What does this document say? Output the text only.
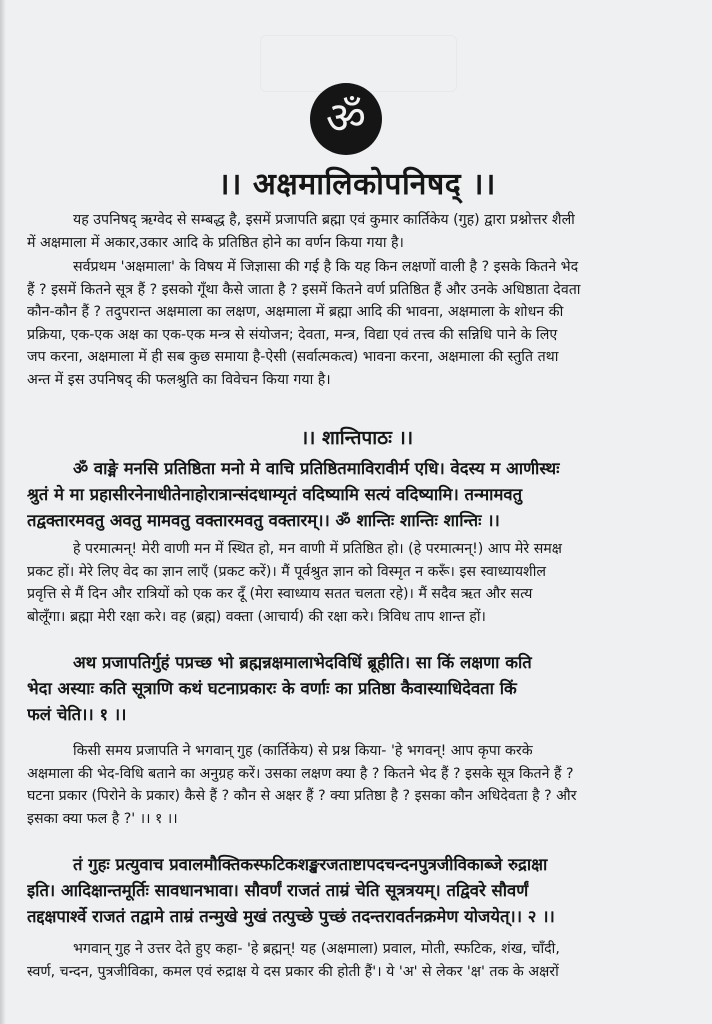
ॐ
।। अक्षमालिकोपनिषद् ।।
यह उपनिषद् ऋग्वेद से सम्बद्ध है, इसमें प्रजापति ब्रह्मा एवं कुमार कार्तिकेय (गुह) द्वारा प्रश्नोत्तर शैली
में अक्षमाला में अकार,उकार आदि के प्रतिष्ठित होने का वर्णन किया गया है।
सर्वप्रथम 'अक्षमाला' के विषय में जिज्ञासा की गई है कि यह किन लक्षणों वाली है ? इसके कितने भेद
हैं ? इसमें कितने सूत्र हैं ? इसको गूँथा कैसे जाता है ? इसमें कितने वर्ण प्रतिष्ठित हैं और उनके अधिष्ठाता देवता
कौन-कौन हैं ? तदुपरान्त अक्षमाला का लक्षण, अक्षमाला में ब्रह्मा आदि की भावना, अक्षमाला के शोधन की
प्रक्रिया, एक-एक अक्ष का एक-एक मन्त्र से संयोजन; देवता, मन्त्र, विद्या एवं तत्त्व की सन्निधि पाने के लिए
जप करना, अक्षमाला में ही सब कुछ समाया है-ऐसी (सर्वात्मकत्व) भावना करना, अक्षमाला की स्तुति तथा
अन्त में इस उपनिषद् की फलश्रुति का विवेचन किया गया है।
।। शान्तिपाठः ।।
ॐ वाङ्मे मनसि प्रतिष्ठिता मनो मे वाचि प्रतिष्ठितमाविरावीर्म एधि। वेदस्य म आणीस्थः
श्रुतं मे मा प्रहासीरनेनाधीतेनाहोरात्रान्संदधाम्यृतं वदिष्यामि सत्यं वदिष्यामि। तन्मामवतु
तद्वक्तारमवतु अवतु मामवतु वक्तारमवतु वक्तारम्।। ॐ शान्तिः शान्तिः शान्तिः ।।
हे परमात्मन्! मेरी वाणी मन में स्थित हो, मन वाणी में प्रतिष्ठित हो। (हे परमात्मन्!) आप मेरे समक्ष
प्रकट हों। मेरे लिए वेद का ज्ञान लाएँ (प्रकट करें)। मैं पूर्वश्रुत ज्ञान को विस्मृत न करूँ। इस स्वाध्यायशील
प्रवृत्ति से मैं दिन और रात्रियों को एक कर दूँ (मेरा स्वाध्याय सतत चलता रहे)। मैं सदैव ऋत और सत्य
बोलूँगा। ब्रह्मा मेरी रक्षा करे। वह (ब्रह्म) वक्ता (आचार्य) की रक्षा करे। त्रिविध ताप शान्त हों।
अथ प्रजापतिर्गुहं पप्रच्छ भो ब्रह्मन्नक्षमालाभेदविधिं ब्रूहीति। सा किं लक्षणा कति
भेदा अस्याः कति सूत्राणि कथं घटनाप्रकारः के वर्णाः का प्रतिष्ठा कैवास्याधिदेवता किं
फलं चेति।। १ ।।
किसी समय प्रजापति ने भगवान् गुह (कार्तिकेय) से प्रश्न किया- 'हे भगवन्! आप कृपा करके
अक्षमाला की भेद-विधि बताने का अनुग्रह करें। उसका लक्षण क्या है ? कितने भेद हैं ? इसके सूत्र कितने हैं ?
घटना प्रकार (पिरोने के प्रकार) कैसे हैं ? कौन से अक्षर हैं ? क्या प्रतिष्ठा है ? इसका कौन अधिदेवता है ? और
इसका क्या फल है ?' ।। १ ।।
तं गुहः प्रत्युवाच प्रवालमौक्तिकस्फटिकशङ्खरजताष्टापदचन्दनपुत्रजीविकाब्जे रुद्राक्षा
इति। आदिक्षान्तमूर्तिः सावधानभावा। सौवर्णं राजतं ताम्रं चेति सूत्रत्रयम्। तद्विवरे सौवर्णं
तद्दक्षपार्श्वे राजतं तद्वामे ताम्रं तन्मुखे मुखं तत्पुच्छे पुच्छं तदन्तरावर्तनक्रमेण योजयेत्।। २ ।।
भगवान् गुह ने उत्तर देते हुए कहा- 'हे ब्रह्मन्! यह (अक्षमाला) प्रवाल, मोती, स्फटिक, शंख, चाँदी,
स्वर्ण, चन्दन, पुत्रजीविका, कमल एवं रुद्राक्ष ये दस प्रकार की होती हैं'। ये 'अ' से लेकर 'क्ष' तक के अक्षरों
